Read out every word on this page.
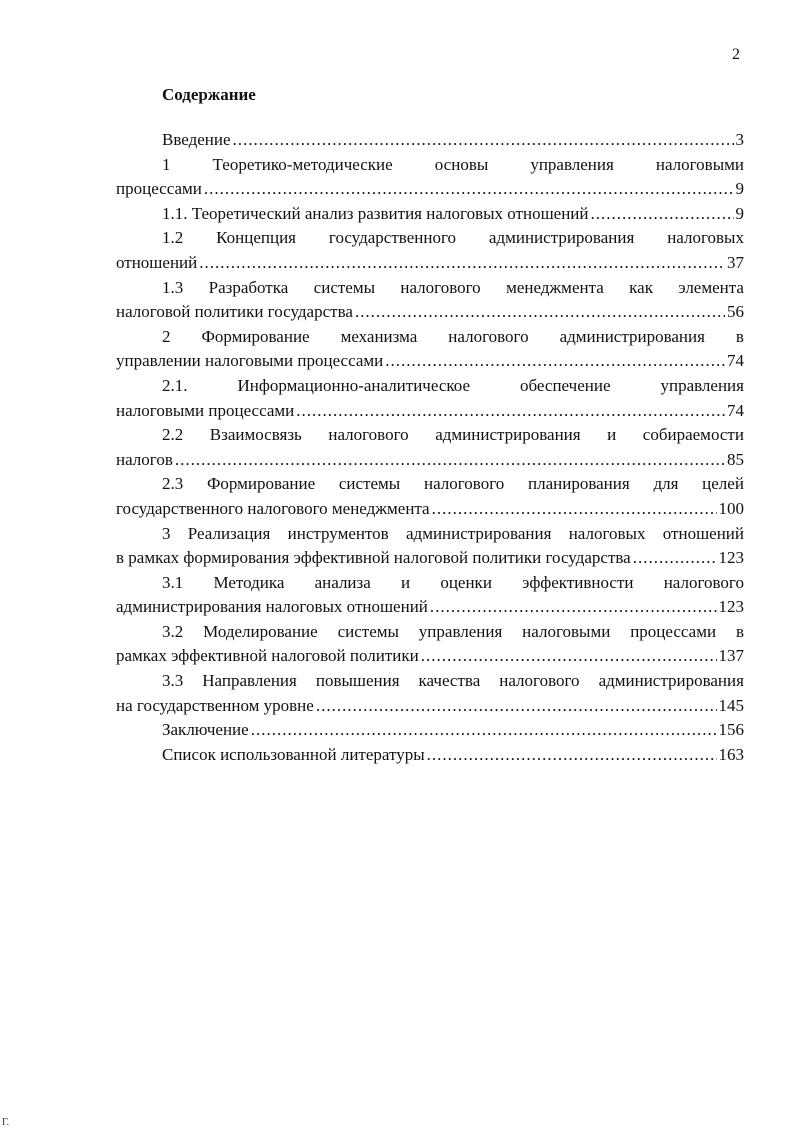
2
Содержание
Введение .....	3
1 Теоретико-методические основы управления налоговыми
процессами .....	9
1.1. Теоретический анализ развития налоговых отношений .....	9
1.2 Концепция государственного администрирования налоговых
отношений .....	37
1.3 Разработка системы налогового менеджмента как элемента
налоговой политики государства .....	56
2 Формирование механизма налогового администрирования в
управлении налоговыми процессами .....	74
2.1.	Информационно-аналитическое	обеспечение	управления
налоговыми процессами .....	74
2.2 Взаимосвязь налогового администрирования и собираемости
налогов .....	85
2.3 Формирование системы налогового планирования для целей
государственного налогового менеджмента .....	100
3 Реализация инструментов администрирования налоговых отношений
в рамках формирования эффективной налоговой политики государства .....	123
3.1 Методика анализа и оценки эффективности налогового
администрирования налоговых отношений .....	123
3.2 Моделирование системы управления налоговыми процессами в
рамках эффективной налоговой политики .....	137
3.3 Направления повышения качества налогового администрирования
на государственном уровне .....	145
Заключение .....	156
Список использованной литературы .....	163
Г.
